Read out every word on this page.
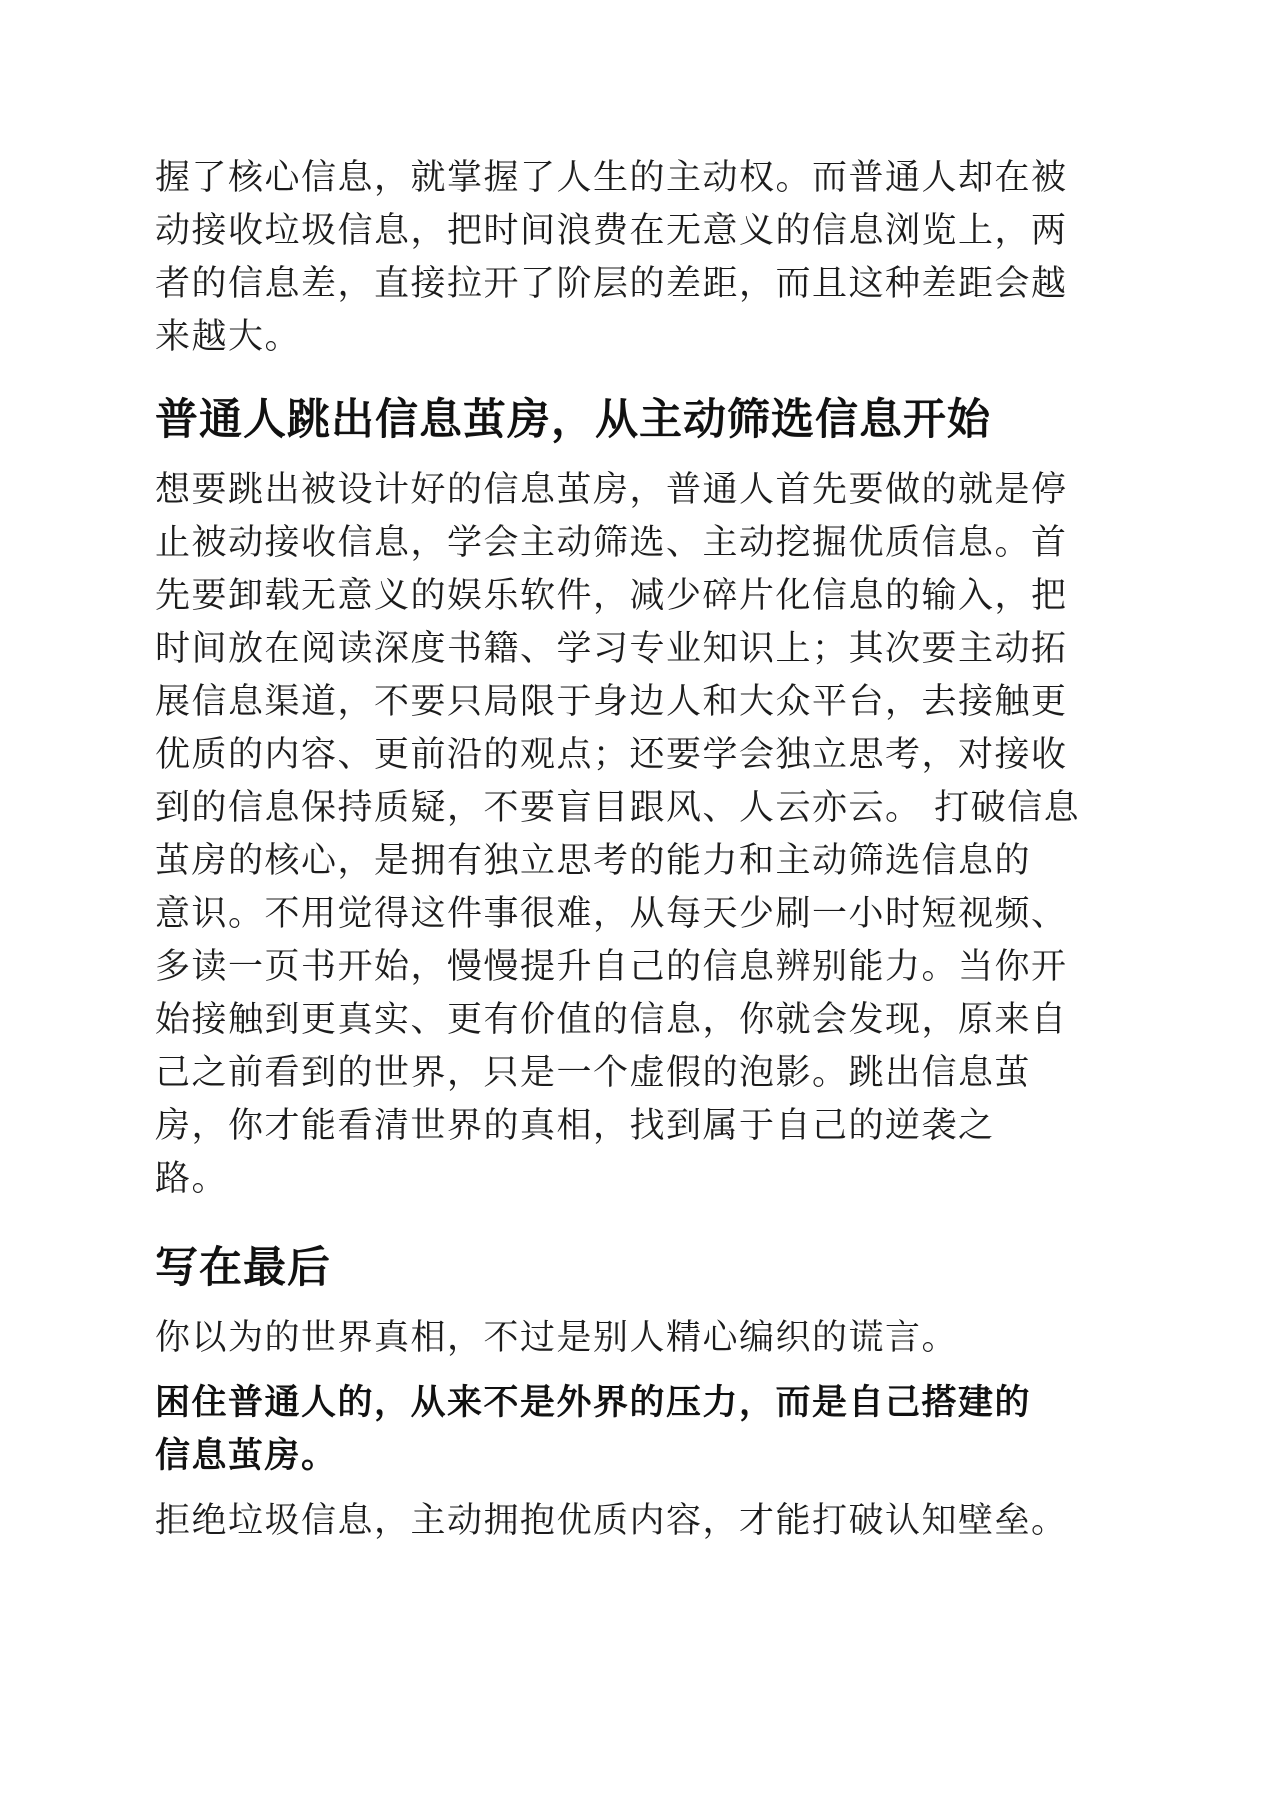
握了核心信息，就掌握了人生的主动权。而普通人却在被
动接收垃圾信息，把时间浪费在无意义的信息浏览上，两
者的信息差，直接拉开了阶层的差距，而且这种差距会越
来越大。
普通人跳出信息茧房，从主动筛选信息开始
想要跳出被设计好的信息茧房，普通人首先要做的就是停
止被动接收信息，学会主动筛选、主动挖掘优质信息。首
先要卸载无意义的娱乐软件，减少碎片化信息的输入，把
时间放在阅读深度书籍、学习专业知识上；其次要主动拓
展信息渠道，不要只局限于身边人和大众平台，去接触更
优质的内容、更前沿的观点；还要学会独立思考，对接收
到的信息保持质疑，不要盲目跟风、人云亦云。 打破信息
茧房的核心，是拥有独立思考的能力和主动筛选信息的
意识。不用觉得这件事很难，从每天少刷一小时短视频、
多读一页书开始，慢慢提升自己的信息辨别能力。当你开
始接触到更真实、更有价值的信息，你就会发现，原来自
己之前看到的世界，只是一个虚假的泡影。跳出信息茧
房，你才能看清世界的真相，找到属于自己的逆袭之
路。
写在最后
你以为的世界真相，不过是别人精心编织的谎言。
困住普通人的，从来不是外界的压力，而是自己搭建的
信息茧房。
拒绝垃圾信息，主动拥抱优质内容，才能打破认知壁垒。
